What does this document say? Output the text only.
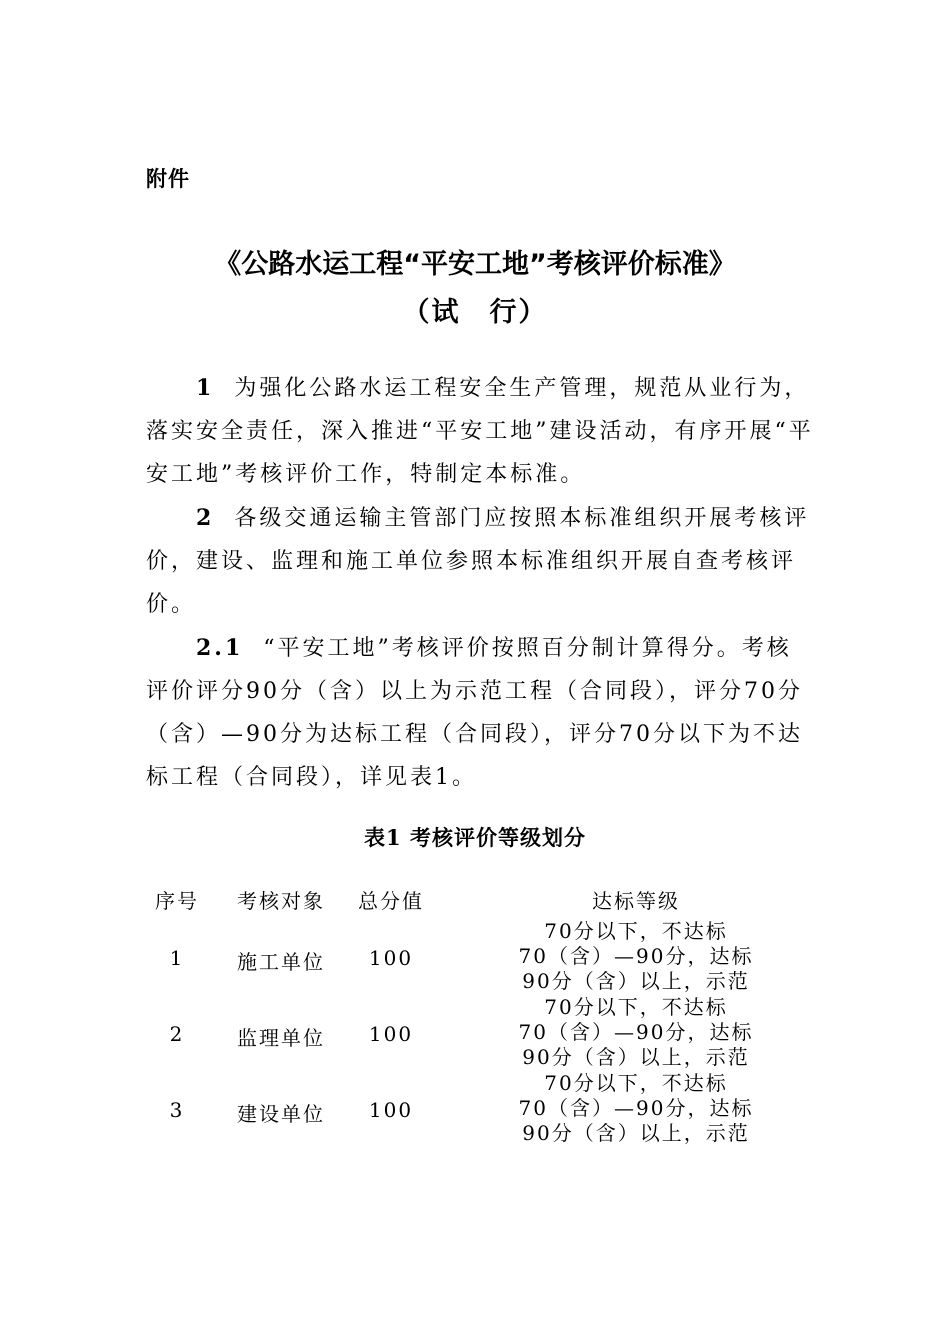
附件
《公路水运工程“平安工地”考核评价标准》
（试　行）

1 为强化公路水运工程安全生产管理，规范从业行为，落实安全责任，深入推进“平安工地”建设活动，有序开展“平安工地”考核评价工作，特制定本标准。

2 各级交通运输主管部门应按照本标准组织开展考核评价，建设、监理和施工单位参照本标准组织开展自查考核评价。

2.1 “平安工地”考核评价按照百分制计算得分。考核评价评分90分（含）以上为示范工程（合同段），评分70分（含）—90分为达标工程（合同段），评分70分以下为不达标工程（合同段），详见表1。

表1 考核评价等级划分
序号	考核对象	总分值	达标等级
1	施工单位	100
70分以下，不达标
70（含）—90分，达标
90分（含）以上，示范
2	监理单位	100
70分以下，不达标
70（含）—90分，达标
90分（含）以上，示范
3	建设单位	100
70分以下，不达标
70（含）—90分，达标
90分（含）以上，示范
